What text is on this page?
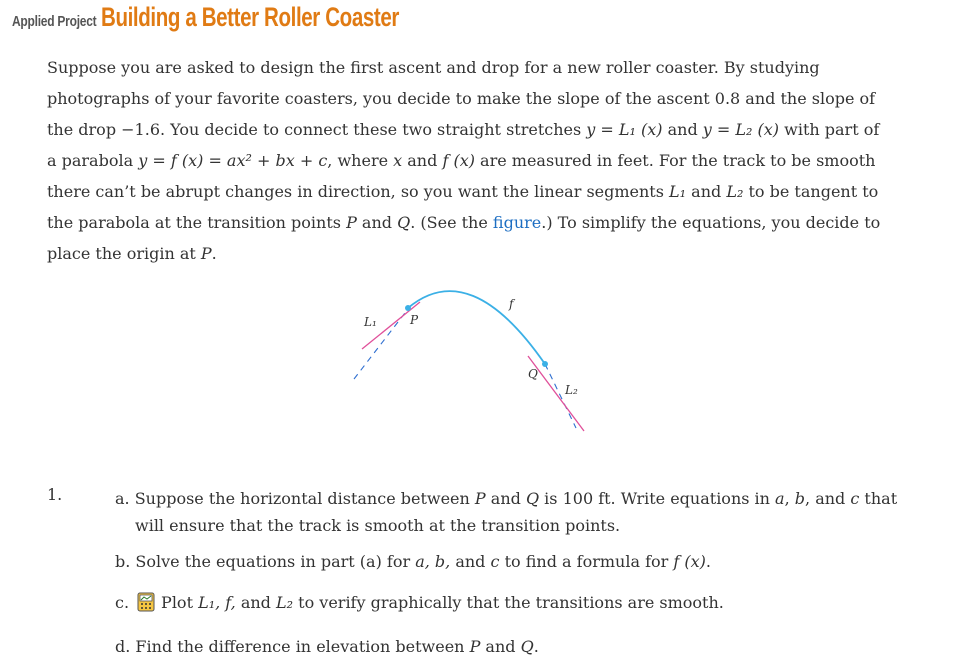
Applied Project Building a Better Roller Coaster
Suppose you are asked to design the first ascent and drop for a new roller coaster. By studying
photographs of your favorite coasters, you decide to make the slope of the ascent 0.8 and the slope of
the drop −1.6. You decide to connect these two straight stretches y = L₁ (x) and y = L₂ (x) with part of
a parabola y = f (x) = ax² + bx + c, where x and f (x) are measured in feet. For the track to be smooth
there can’t be abrupt changes in direction, so you want the linear segments L₁ and L₂ to be tangent to
the parabola at the transition points P and Q. (See the figure.) To simplify the equations, you decide to
place the origin at P.
L₁	P
f
Q
L₂
1.	a. Suppose the horizontal distance between P and Q is 100 ft. Write equations in a, b, and c that
will ensure that the track is smooth at the transition points.
b. Solve the equations in part (a) for a, b, and c to find a formula for f (x).
c. Plot L₁, f, and L₂ to verify graphically that the transitions are smooth.
d. Find the difference in elevation between P and Q.
